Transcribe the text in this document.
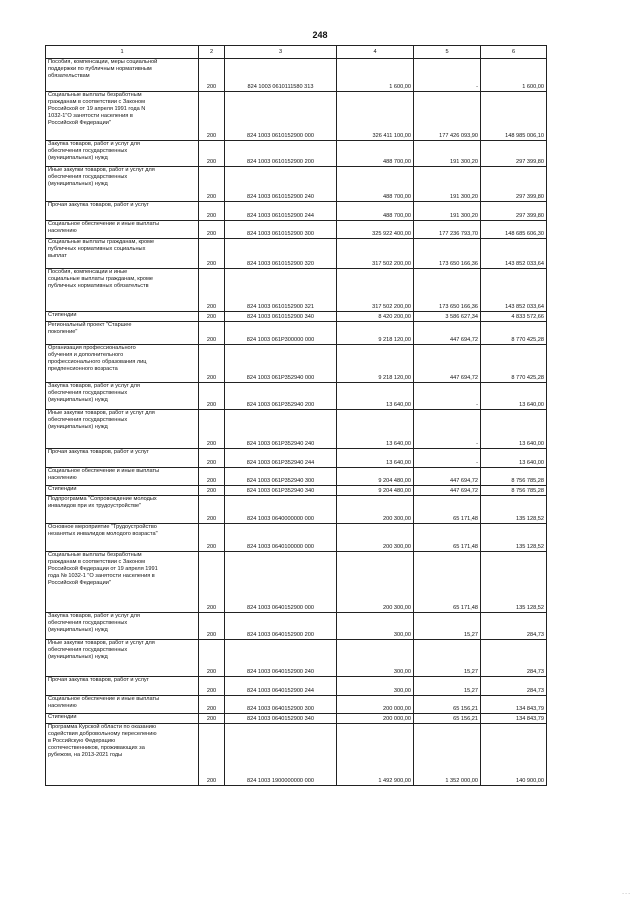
248
1	2	3	4	5	6
Пособия, компенсации, меры социальной
поддержки по публичным нормативным
обязательствам	200	824 1003 0610111580 313	1 600,00	-	1 600,00
Социальные выплаты безработным
гражданам в соответствии с Законом
Российской от 19 апреля 1991 года N
1032-1"О занятости населения в
Российской Федерации"	200	824 1003 0610152900 000	326 411 100,00	177 426 093,90	148 985 006,10
Закупка товаров, работ и услуг для
обеспечения государственных
(муниципальных) нужд	200	824 1003 0610152900 200	488 700,00	191 300,20	297 399,80
Иные закупки товаров, работ и услуг для
обеспечения государственных
(муниципальных) нужд	200	824 1003 0610152900 240	488 700,00	191 300,20	297 399,80
Прочая закупка товаров, работ и услуг	200	824 1003 0610152900 244	488 700,00	191 300,20	297 399,80
Социальное обеспечение и иные выплаты
населению	200	824 1003 0610152900 300	325 922 400,00	177 236 793,70	148 685 606,30
Социальные выплаты гражданам, кроме
публичных нормативных социальных
выплат	200	824 1003 0610152900 320	317 502 200,00	173 650 166,36	143 852 033,64
Пособия, компенсации и иные
социальные выплаты гражданам, кроме
публичных нормативных обязательств	200	824 1003 0610152900 321	317 502 200,00	173 650 166,36	143 852 033,64
Стипендии	200	824 1003 0610152900 340	8 420 200,00	3 586 627,34	4 833 572,66
Региональный проект "Старшее
поколение"	200	824 1003 061P300000 000	9 218 120,00	447 694,72	8 770 425,28
Организация профессионального
обучения и дополнительного
профессионального образования лиц
предпенсионного возраста	200	824 1003 061P352940 000	9 218 120,00	447 694,72	8 770 425,28
Закупка товаров, работ и услуг для
обеспечения государственных
(муниципальных) нужд	200	824 1003 061P352940 200	13 640,00	-	13 640,00
Иные закупки товаров, работ и услуг для
обеспечения государственных
(муниципальных) нужд	200	824 1003 061P352940 240	13 640,00	-	13 640,00
Прочая закупка товаров, работ и услуг	200	824 1003 061P352940 244	13 640,00	-	13 640,00
Социальное обеспечение и иные выплаты
населению	200	824 1003 061P352940 300	9 204 480,00	447 694,72	8 756 785,28
Стипендии	200	824 1003 061P352940 340	9 204 480,00	447 694,72	8 756 785,28
Подпрограмма "Сопровождение молодых
инвалидов при их трудоустройстве"	200	824 1003 0640000000 000	200 300,00	65 171,48	135 128,52
Основное мероприятие "Трудоустройство
незанятых инвалидов молодого возраста"	200	824 1003 0640100000 000	200 300,00	65 171,48	135 128,52
Социальные выплаты безработным
гражданам в соответствии с Законом
Российской Федерации от 19 апреля 1991
года № 1032-1 "О занятости населения в
Российской Федерации"	200	824 1003 0640152900 000	200 300,00	65 171,48	135 128,52
Закупка товаров, работ и услуг для
обеспечения государственных
(муниципальных) нужд	200	824 1003 0640152900 200	300,00	15,27	284,73
Иные закупки товаров, работ и услуг для
обеспечения государственных
(муниципальных) нужд	200	824 1003 0640152900 240	300,00	15,27	284,73
Прочая закупка товаров, работ и услуг	200	824 1003 0640152900 244	300,00	15,27	284,73
Социальное обеспечение и иные выплаты
населению	200	824 1003 0640152900 300	200 000,00	65 156,21	134 843,79
Стипендии	200	824 1003 0640152900 340	200 000,00	65 156,21	134 843,79
Программа Курской области по оказанию
содействия добровольному переселению
в Российскую Федерацию
соотечественников, проживающих за
рубежом, на 2013-2021 годы	200	824 1003 1900000000 000	1 492 900,00	1 352 000,00	140 900,00
- - -
